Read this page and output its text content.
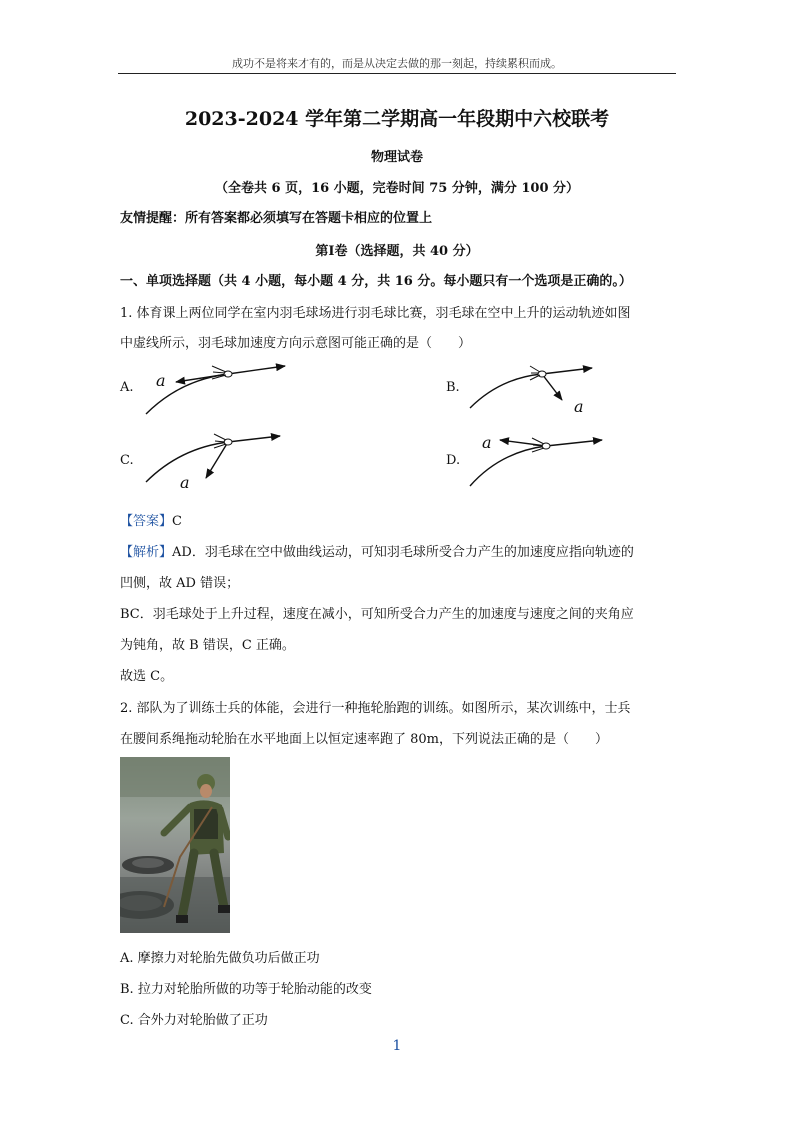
成功不是将来才有的，而是从决定去做的那一刻起，持续累积而成。
2023-2024 学年第二学期高一年段期中六校联考
物理试卷
（全卷共 6 页，16 小题，完卷时间 75 分钟，满分 100 分）
友情提醒：所有答案都必须填写在答题卡相应的位置上
第Ⅰ卷（选择题，共 40 分）
一、单项选择题（共 4 小题，每小题 4 分，共 16 分。每小题只有一个选项是正确的。）
1. 体育课上两位同学在室内羽毛球场进行羽毛球比赛，羽毛球在空中上升的运动轨迹如图
中虚线所示，羽毛球加速度方向示意图可能正确的是（　　）
A. a	B.
a
C.
a
D.
a
【答案】C
【解析】AD．羽毛球在空中做曲线运动，可知羽毛球所受合力产生的加速度应指向轨迹的
凹侧，故 AD 错误；
BC．羽毛球处于上升过程，速度在减小，可知所受合力产生的加速度与速度之间的夹角应
为钝角，故 B 错误，C 正确。
故选 C。
2. 部队为了训练士兵的体能，会进行一种拖轮胎跑的训练。如图所示，某次训练中，士兵
在腰间系绳拖动轮胎在水平地面上以恒定速率跑了 80m，下列说法正确的是（　　）
A. 摩擦力对轮胎先做负功后做正功
B. 拉力对轮胎所做的功等于轮胎动能的改变
C. 合外力对轮胎做了正功
1
